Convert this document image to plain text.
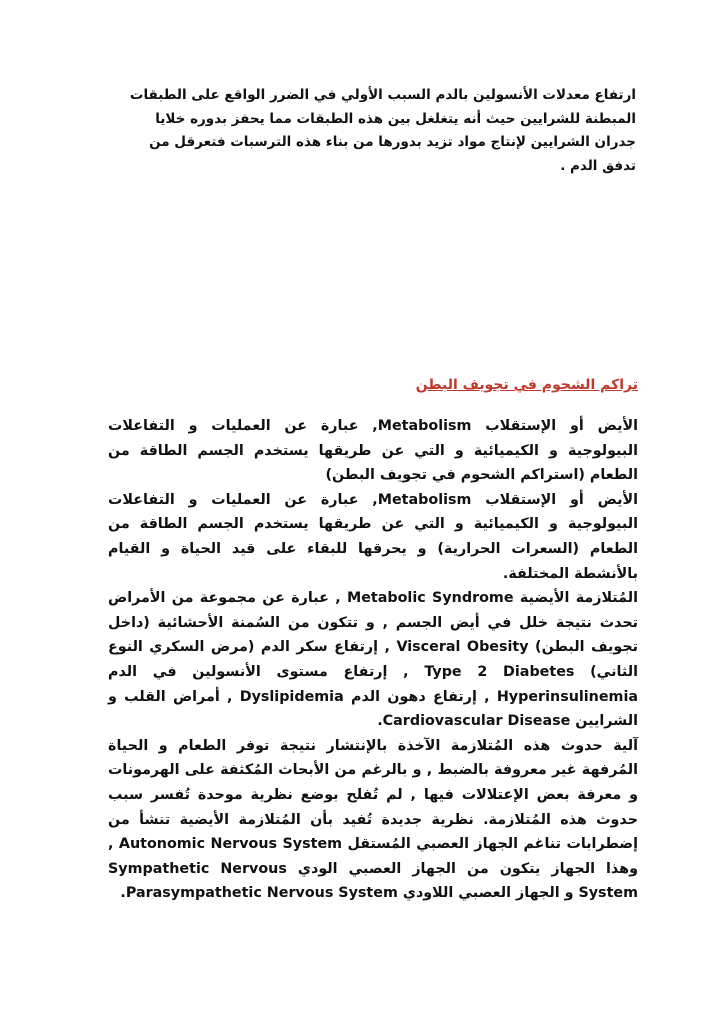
ارتفاع معدلات الأنسولين بالدم السبب الأولي في الضرر الواقع على الطبقات المبطنة للشرايين حيث أنه يتغلغل بين هذه الطبقات مما يحفز بدوره خلايا جدران الشرايين لإنتاج مواد تزيد بدورها من بناء هذه الترسبات فتعرقل من تدفق الدم .
تراكم الشحوم في تجويف البطن

الأيض أو الإستقلاب Metabolism, عبارة عن العمليات و التفاعلات البيولوجية و الكيميائية و التي عن طريقها يستخدم الجسم الطاقة من الطعام (استراكم الشحوم في تجويف البطن)

الأيض أو الإستقلاب Metabolism, عبارة عن العمليات و التفاعلات البيولوجية و الكيميائية و التي عن طريقها يستخدم الجسم الطاقة من الطعام (السعرات الحرارية) و يحرقها للبقاء على قيد الحياة و القيام بالأنشطة المختلفة.

المُتلازمة الأيضية Metabolic Syndrome , عبارة عن مجموعة من الأمراض تحدث نتيجة خلل في أيض الجسم , و تتكون من السُمنة الأحشائية (داخل تجويف البطن) Visceral Obesity , إرتفاع سكر الدم (مرض السكري النوع الثاني) Type 2 Diabetes , إرتفاع مستوى الأنسولين في الدم Hyperinsulinemia , إرتفاع دهون الدم Dyslipidemia , أمراض القلب و الشرايين Cardiovascular Disease.

آلية حدوث هذه المُتلازمة الآخذة بالإنتشار نتيجة توفر الطعام و الحياة المُرفهة غير معروفة بالضبط , و بالرغم من الأبحاث المُكثفة على الهرمونات و معرفة بعض الإعتلالات فيها , لم تُفلح بوضع نظرية موحدة تُفسر سبب حدوث هذه المُتلازمة. نظرية جديدة تُفيد بأن المُتلازمة الأيضية تنشأ من إضطرابات تناغم الجهاز العصبي المُستقل Autonomic Nervous System , وهذا الجهاز يتكون من الجهاز العصبي الودي Sympathetic Nervous System و الجهاز العصبي اللاودي Parasympathetic Nervous System.
